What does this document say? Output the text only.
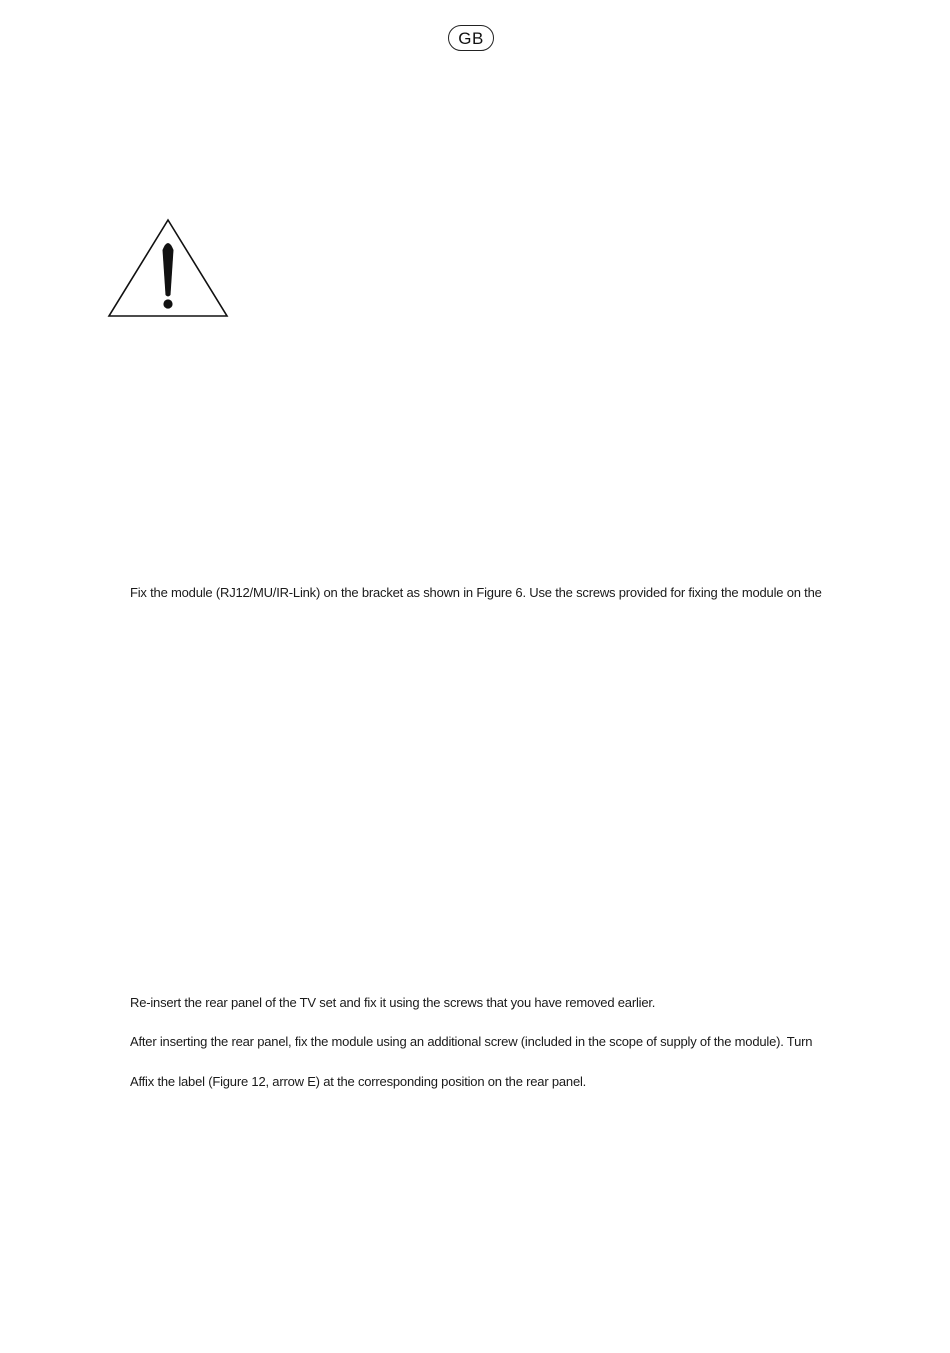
GB

Fix the module (RJ12/MU/IR-Link) on the bracket as shown in Figure 6. Use the screws provided for fixing the module on the

Re-insert the rear panel of the TV set and fix it using the screws that you have removed earlier.

After inserting the rear panel, fix the module using an additional screw (included in the scope of supply of the module). Turn

Affix the label (Figure 12, arrow E) at the corresponding position on the rear panel.
